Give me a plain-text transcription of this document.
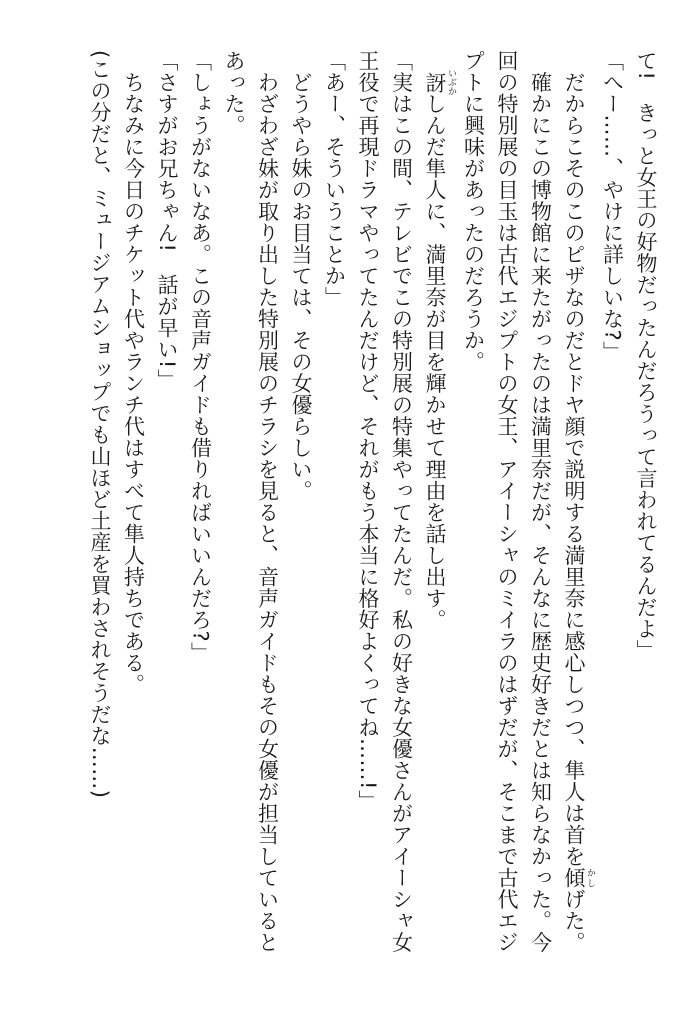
て!　きっと女王の好物だったんだろうって言われてるんだよ」
「へー……、やけに詳しいな?」
　だからこそのこのピザなのだとドヤ顔で説明する満里奈に感心しつつ、隼人は首を傾 かしげた。
　確かにこの博物館に来たがったのは満里奈だが、そんなに歴史好きだとは知らなかった。今
回の特別展の目玉は古代エジプトの女王、アイーシャのミイラのはずだが、そこまで古代エジ
プトに興味があったのだろうか。
　訝 いぶかしんだ隼人に、満里奈が目を輝かせて理由を話し出す。
「実はこの間、テレビでこの特別展の特集やってたんだ。私の好きな女優さんがアイーシャ女
王役で再現ドラマやってたんだけど、それがもう本当に格好よくってね……!」
「あー、そういうことか」
　どうやら妹のお目当ては、その女優らしい。
　わざわざ妹が取り出した特別展のチラシを見ると、音声ガイドもその女優が担当していると
あった。
「しょうがないなあ。この音声ガイドも借りればいいんだろ?」
「さすがお兄ちゃん!　話が早い!」
　ちなみに今日のチケット代やランチ代はすべて隼人持ちである。
(この分だと、ミュージアムショップでも山ほど土産を買わされそうだな……)
